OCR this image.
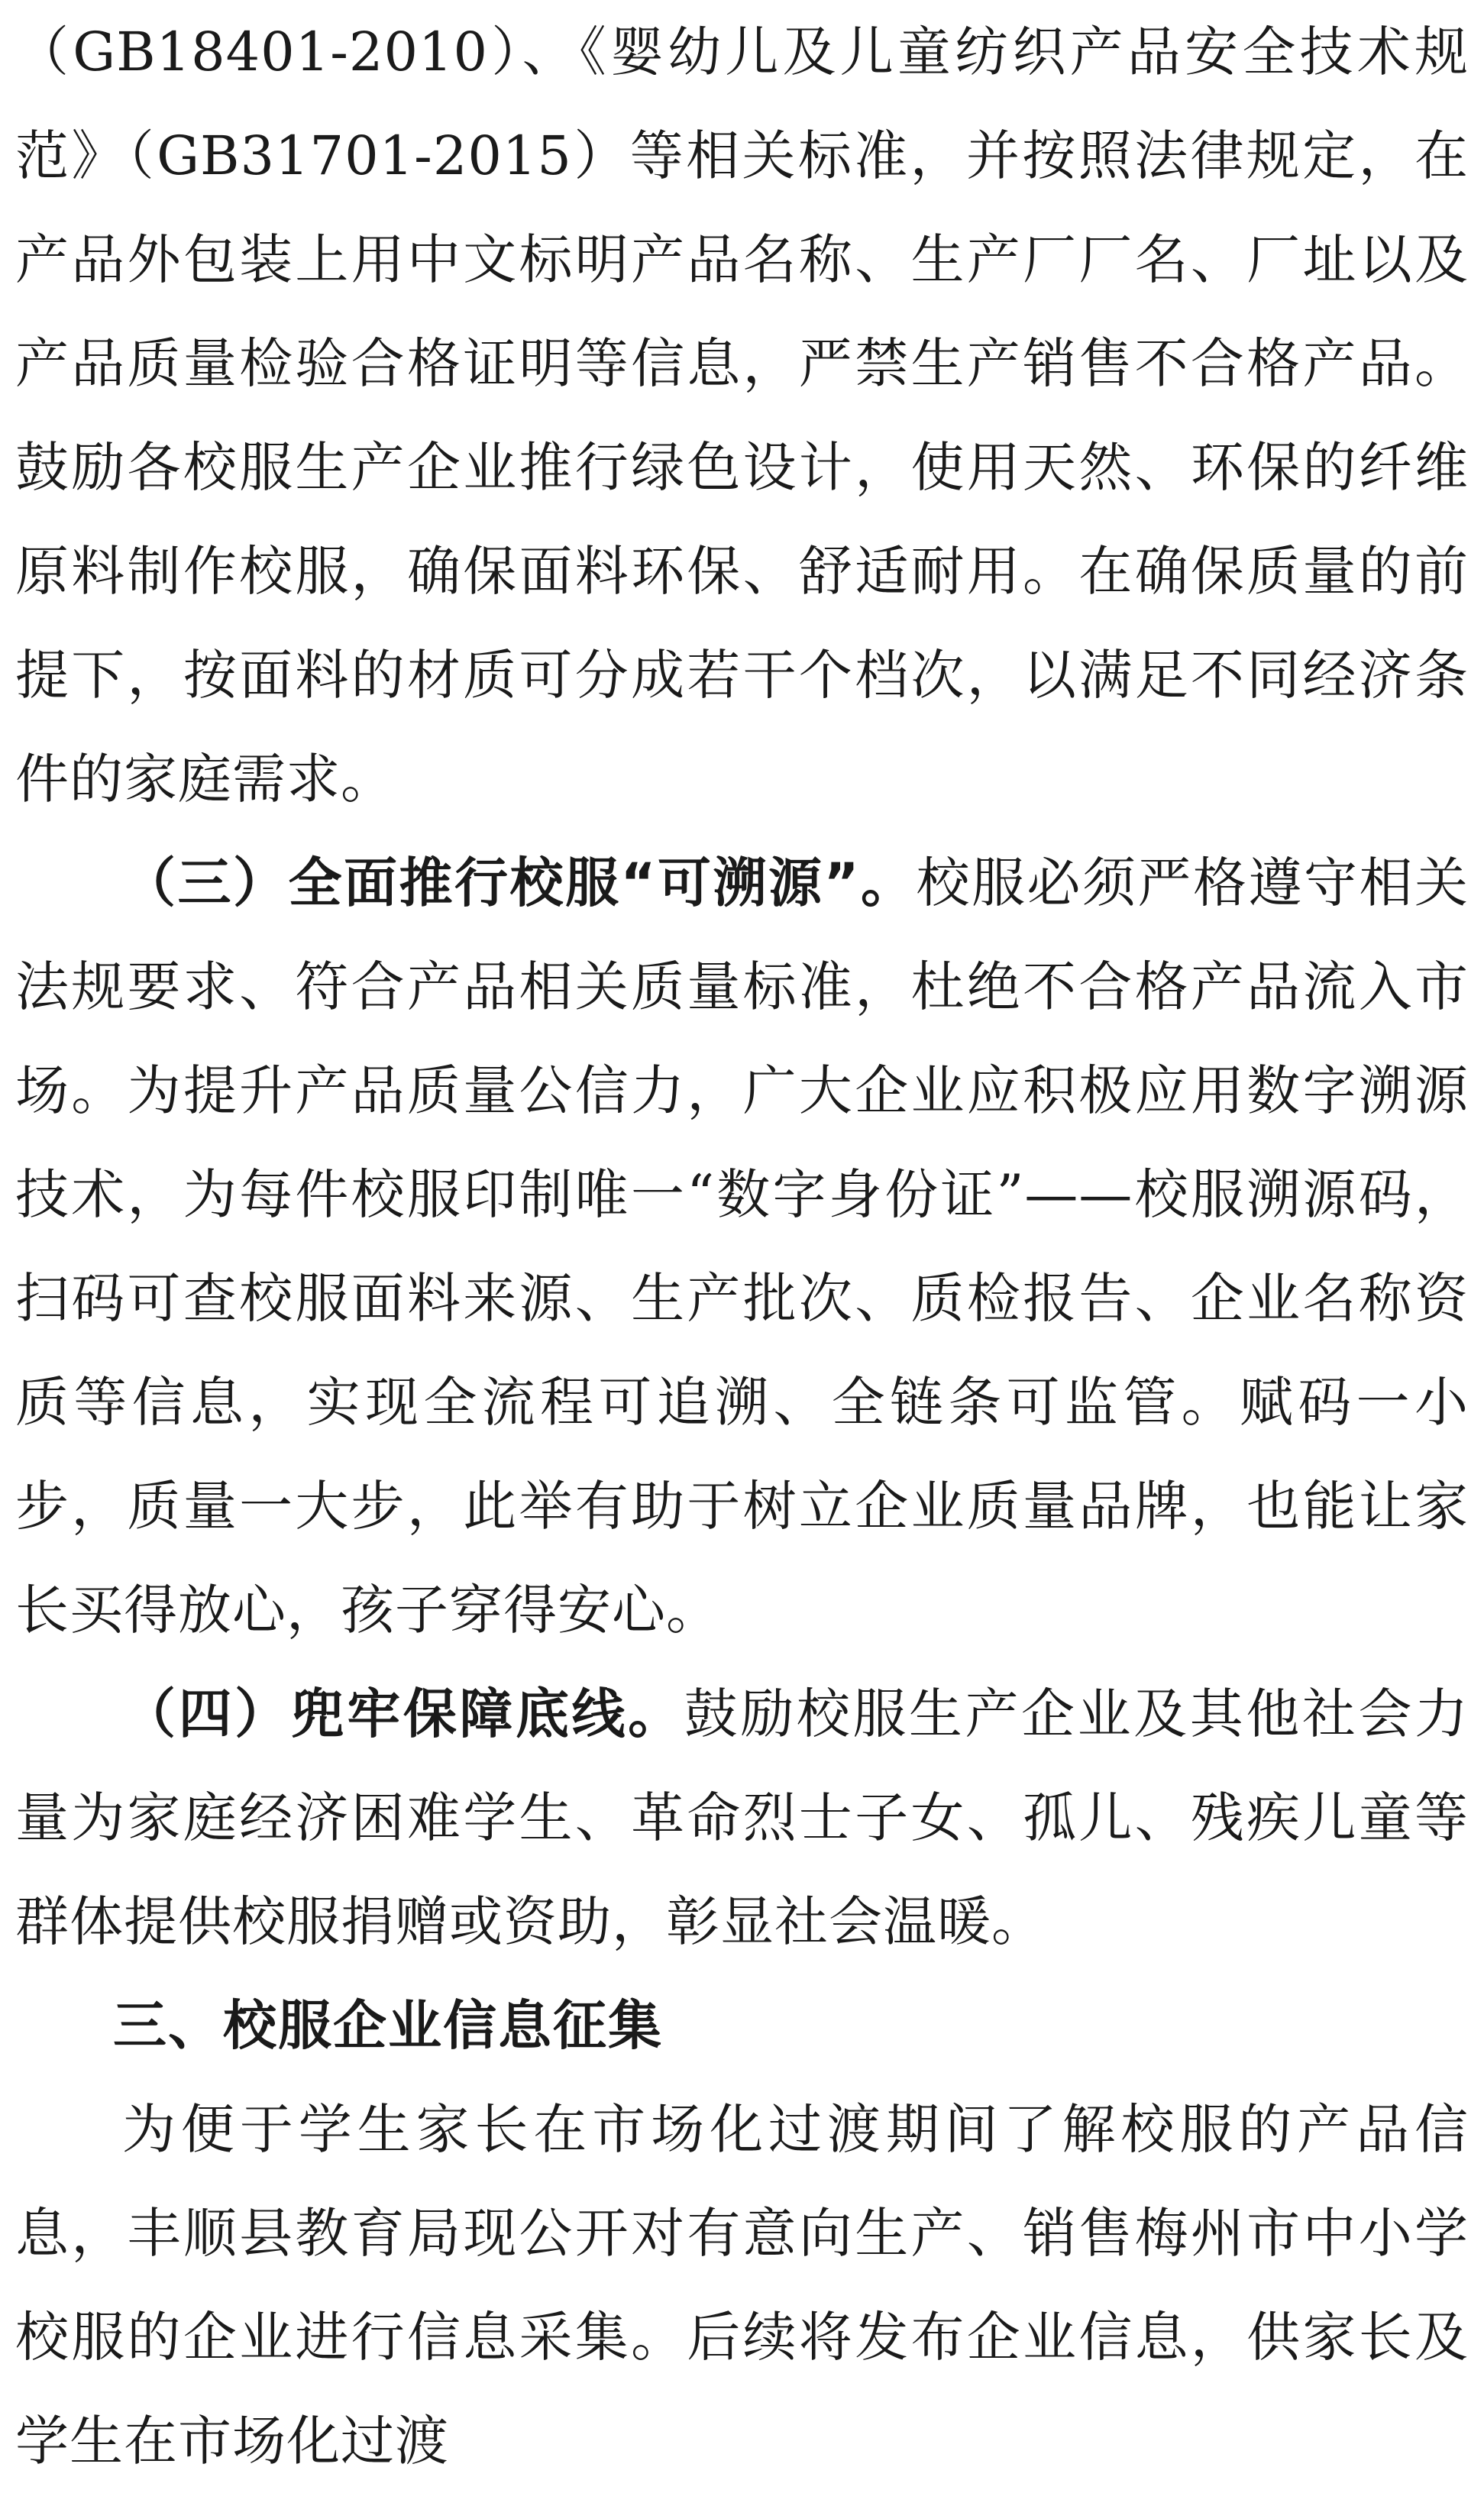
（GB18401-2010）、《婴幼儿及儿童纺织产品安全技术规范》（GB31701-2015）等相关标准，并按照法律规定，在产品外包装上用中文标明产品名称、生产厂厂名、厂址以及产品质量检验合格证明等信息，严禁生产销售不合格产品。鼓励各校服生产企业推行绿色设计，使用天然、环保的纤维原料制作校服，确保面料环保、舒适耐用。在确保质量的前提下，按面料的材质可分成若干个档次，以满足不同经济条件的家庭需求。

（三）全面推行校服“可溯源”。校服必须严格遵守相关法规要求、符合产品相关质量标准，杜绝不合格产品流入市场。为提升产品质量公信力，广大企业应积极应用数字溯源技术，为每件校服印制唯一“数字身份证”——校服溯源码，扫码可查校服面料来源、生产批次、质检报告、企业名称资质等信息，实现全流程可追溯、全链条可监管。赋码一小步，质量一大步，此举有助于树立企业质量品牌，也能让家长买得放心，孩子穿得安心。

（四）兜牢保障底线。鼓励校服生产企业及其他社会力量为家庭经济困难学生、革命烈士子女、孤儿、残疾儿童等群体提供校服捐赠或资助，彰显社会温暖。

三、校服企业信息征集

为便于学生家长在市场化过渡期间了解校服的产品信息，丰顺县教育局现公开对有意向生产、销售梅州市中小学校服的企业进行信息采集。后续将发布企业信息，供家长及学生在市场化过渡
